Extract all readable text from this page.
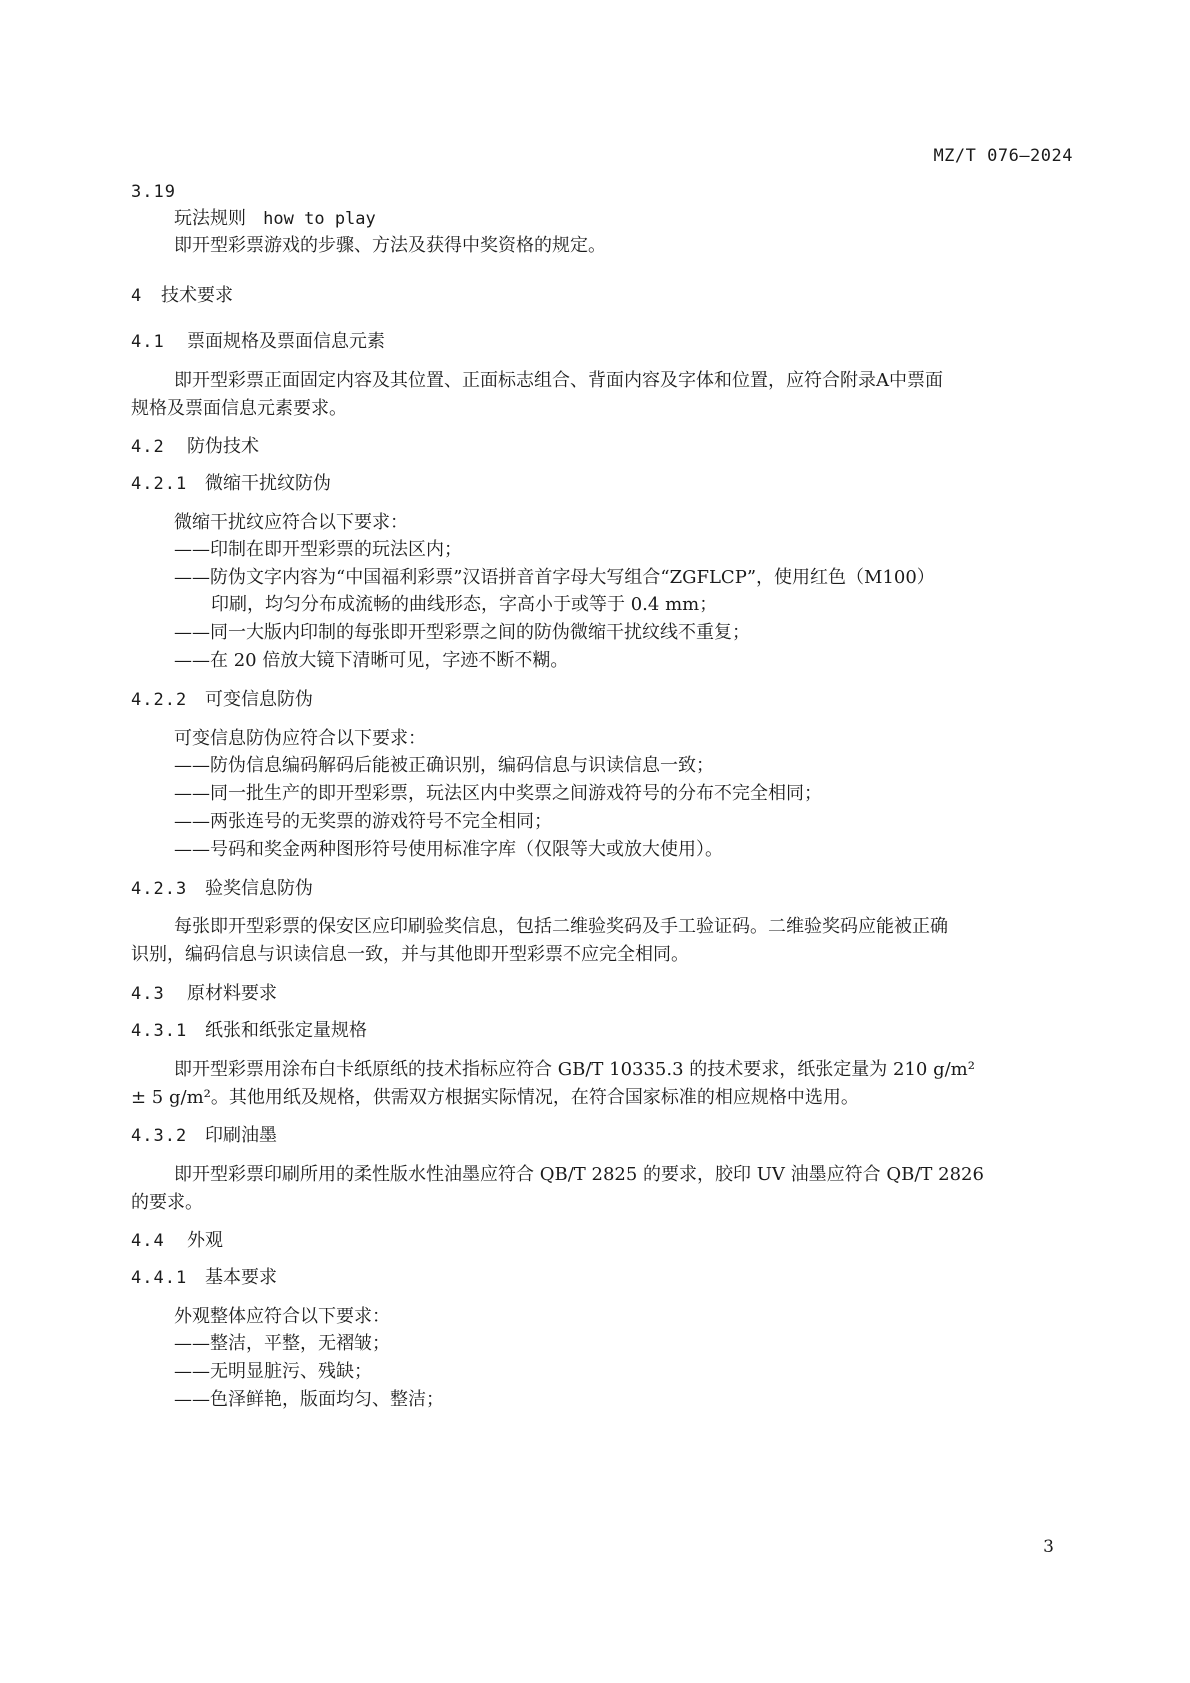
MZ/T 076—2024
3.19
玩法规则 how to play
即开型彩票游戏的步骤、方法及获得中奖资格的规定。
4 技术要求
4.1 票面规格及票面信息元素
即开型彩票正面固定内容及其位置、正面标志组合、背面内容及字体和位置，应符合附录A中票面
规格及票面信息元素要求。
4.2 防伪技术
4.2.1 微缩干扰纹防伪
微缩干扰纹应符合以下要求：
——印制在即开型彩票的玩法区内；
——防伪文字内容为“中国福利彩票”汉语拼音首字母大写组合“ZGFLCP”，使用红色（M100）
印刷，均匀分布成流畅的曲线形态，字高小于或等于 0.4 mm；
——同一大版内印制的每张即开型彩票之间的防伪微缩干扰纹线不重复；
——在 20 倍放大镜下清晰可见，字迹不断不糊。
4.2.2 可变信息防伪
可变信息防伪应符合以下要求：
——防伪信息编码解码后能被正确识别，编码信息与识读信息一致；
——同一批生产的即开型彩票，玩法区内中奖票之间游戏符号的分布不完全相同；
——两张连号的无奖票的游戏符号不完全相同；
——号码和奖金两种图形符号使用标准字库（仅限等大或放大使用）。
4.2.3 验奖信息防伪
每张即开型彩票的保安区应印刷验奖信息，包括二维验奖码及手工验证码。二维验奖码应能被正确
识别，编码信息与识读信息一致，并与其他即开型彩票不应完全相同。
4.3 原材料要求
4.3.1 纸张和纸张定量规格
即开型彩票用涂布白卡纸原纸的技术指标应符合 GB/T 10335.3 的技术要求，纸张定量为 210 g/m²
± 5 g/m²。其他用纸及规格，供需双方根据实际情况，在符合国家标准的相应规格中选用。
4.3.2 印刷油墨
即开型彩票印刷所用的柔性版水性油墨应符合 QB/T 2825 的要求，胶印 UV 油墨应符合 QB/T 2826
的要求。
4.4 外观
4.4.1 基本要求
外观整体应符合以下要求：
——整洁，平整，无褶皱；
——无明显脏污、残缺；
——色泽鲜艳，版面均匀、整洁；
3
